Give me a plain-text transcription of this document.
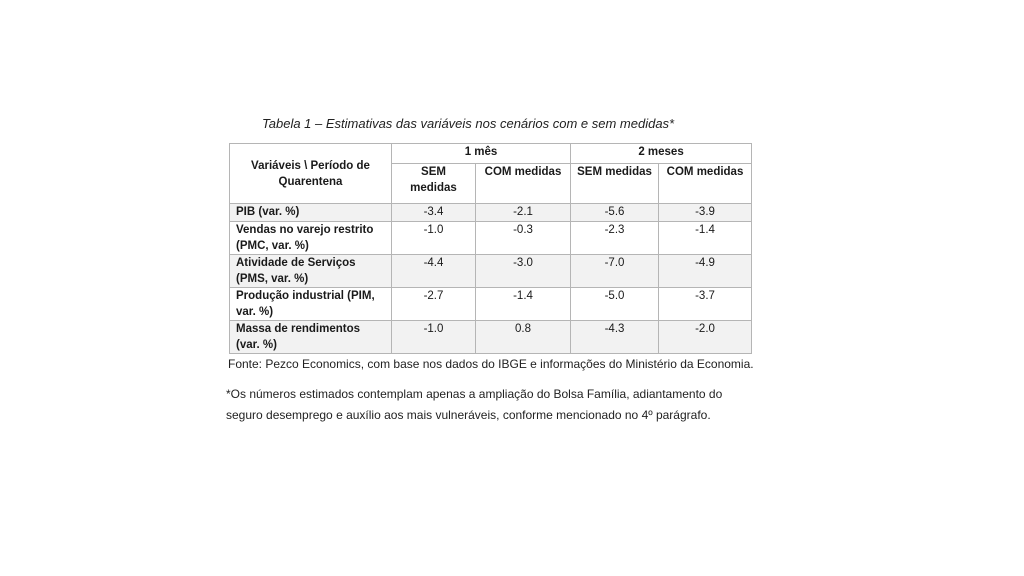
Tabela 1 – Estimativas das variáveis nos cenários com e sem medidas*
Variáveis \ Período de Quarentena	1 mês		2 meses	
	SEM medidas	COM medidas	SEM medidas	COM medidas
PIB (var. %)	-3.4	-2.1	-5.6	-3.9
Vendas no varejo restrito (PMC, var. %)	-1.0	-0.3	-2.3	-1.4
Atividade de Serviços (PMS, var. %)	-4.4	-3.0	-7.0	-4.9
Produção industrial (PIM, var. %)	-2.7	-1.4	-5.0	-3.7
Massa de rendimentos (var. %)	-1.0	0.8	-4.3	-2.0
Fonte: Pezco Economics, com base nos dados do IBGE e informações do Ministério da Economia.
*Os números estimados contemplam apenas a ampliação do Bolsa Família, adiantamento do seguro desemprego e auxílio aos mais vulneráveis, conforme mencionado no 4º parágrafo.
